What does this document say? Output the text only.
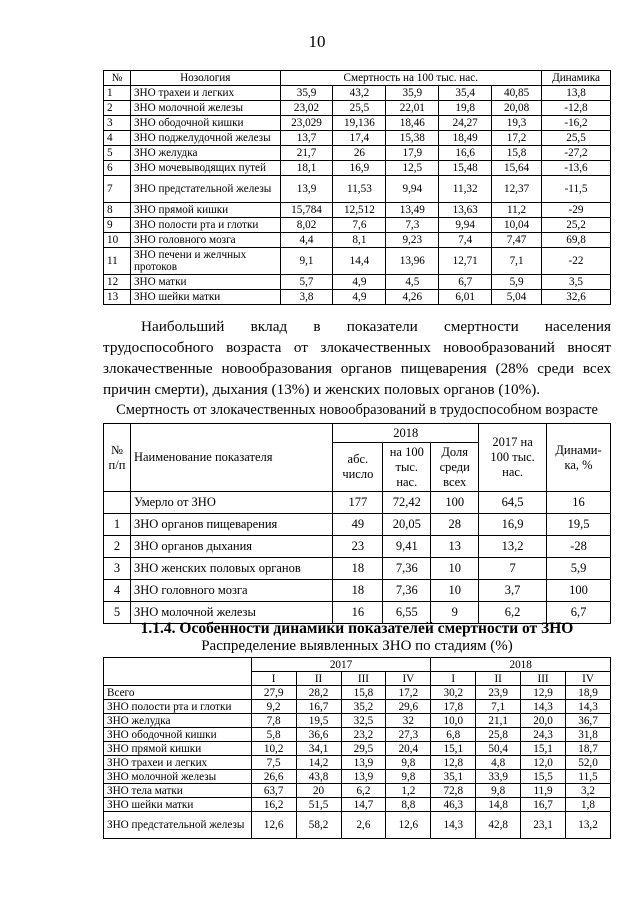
10
№	Нозология	Смертность на 100 тыс. нас.					Динамика
1	ЗНО трахеи и легких	35,9	43,2	35,9	35,4	40,85	13,8
2	ЗНО молочной железы	23,02	25,5	22,01	19,8	20,08	-12,8
3	ЗНО ободочной кишки	23,029	19,136	18,46	24,27	19,3	-16,2
4	ЗНО поджелудочной железы	13,7	17,4	15,38	18,49	17,2	25,5
5	ЗНО желудка	21,7	26	17,9	16,6	15,8	-27,2
6	ЗНО мочевыводящих путей	18,1	16,9	12,5	15,48	15,64	-13,6
7	ЗНО предстательной железы	13,9	11,53	9,94	11,32	12,37	-11,5
8	ЗНО прямой кишки	15,784	12,512	13,49	13,63	11,2	-29
9	ЗНО полости рта и глотки	8,02	7,6	7,3	9,94	10,04	25,2
10	ЗНО головного мозга	4,4	8,1	9,23	7,4	7,47	69,8
11	ЗНО печени и желчных протоков	9,1	14,4	13,96	12,71	7,1	-22
12	ЗНО матки	5,7	4,9	4,5	6,7	5,9	3,5
13	ЗНО шейки матки	3,8	4,9	4,26	6,01	5,04	32,6
Наибольший вклад в показатели смертности населения трудоспособного возраста от злокачественных новообразований вносят злокачественные новообразования органов пищеварения (28% среди всех причин смерти), дыхания (13%) и женских половых органов (10%).
Смертность от злокачественных новообразований в трудоспособном возрасте
№ п/п	Наименование показателя	2018			2017 на 100 тыс. нас.	Динами-ка, %
		абс. число	на 100 тыс. нас.	Доля среди всех		
	Умерло от ЗНО	177	72,42	100	64,5	16
1	ЗНО органов пищеварения	49	20,05	28	16,9	19,5
2	ЗНО органов дыхания	23	9,41	13	13,2	-28
3	ЗНО женских половых органов	18	7,36	10	7	5,9
4	ЗНО головного мозга	18	7,36	10	3,7	100
5	ЗНО молочной железы	16	6,55	9	6,2	6,7
1.1.4. Особенности динамики показателей смертности от ЗНО
Распределение выявленных ЗНО по стадиям (%)
	2017				2018			
	I	II	III	IV	I	II	III	IV
Всего	27,9	28,2	15,8	17,2	30,2	23,9	12,9	18,9
ЗНО полости рта и глотки	9,2	16,7	35,2	29,6	17,8	7,1	14,3	14,3
ЗНО желудка	7,8	19,5	32,5	32	10,0	21,1	20,0	36,7
ЗНО ободочной кишки	5,8	36,6	23,2	27,3	6,8	25,8	24,3	31,8
ЗНО прямой кишки	10,2	34,1	29,5	20,4	15,1	50,4	15,1	18,7
ЗНО трахеи и легких	7,5	14,2	13,9	9,8	12,8	4,8	12,0	52,0
ЗНО молочной железы	26,6	43,8	13,9	9,8	35,1	33,9	15,5	11,5
ЗНО тела матки	63,7	20	6,2	1,2	72,8	9,8	11,9	3,2
ЗНО шейки матки	16,2	51,5	14,7	8,8	46,3	14,8	16,7	1,8
ЗНО предстательной железы	12,6	58,2	2,6	12,6	14,3	42,8	23,1	13,2
